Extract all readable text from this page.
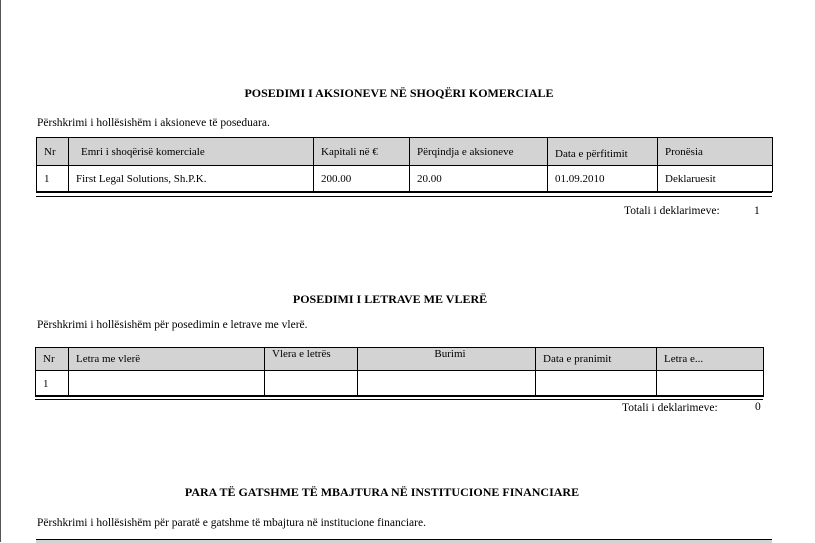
POSEDIMI I AKSIONEVE NË SHOQËRI KOMERCIALE
Përshkrimi i hollësishëm i aksioneve të poseduara.
Nr	Emri i shoqërisë komerciale	Kapitali në €	Përqindja e aksioneve	Data e përfitimit	Pronësia
1	First Legal Solutions, Sh.P.K.	200.00	20.00	01.09.2010	Deklaruesit
Totali i deklarimeve:	1
POSEDIMI I LETRAVE ME VLERË
Përshkrimi i hollësishëm për posedimin e letrave me vlerë.
Nr	Letra me vlerë	Vlera e letrës	Burimi	Data e pranimit	Letra e...
1					
Totali i deklarimeve:	0
PARA TË GATSHME TË MBAJTURA NË INSTITUCIONE FINANCIARE
Përshkrimi i hollësishëm për paratë e gatshme të mbajtura në institucione financiare.
